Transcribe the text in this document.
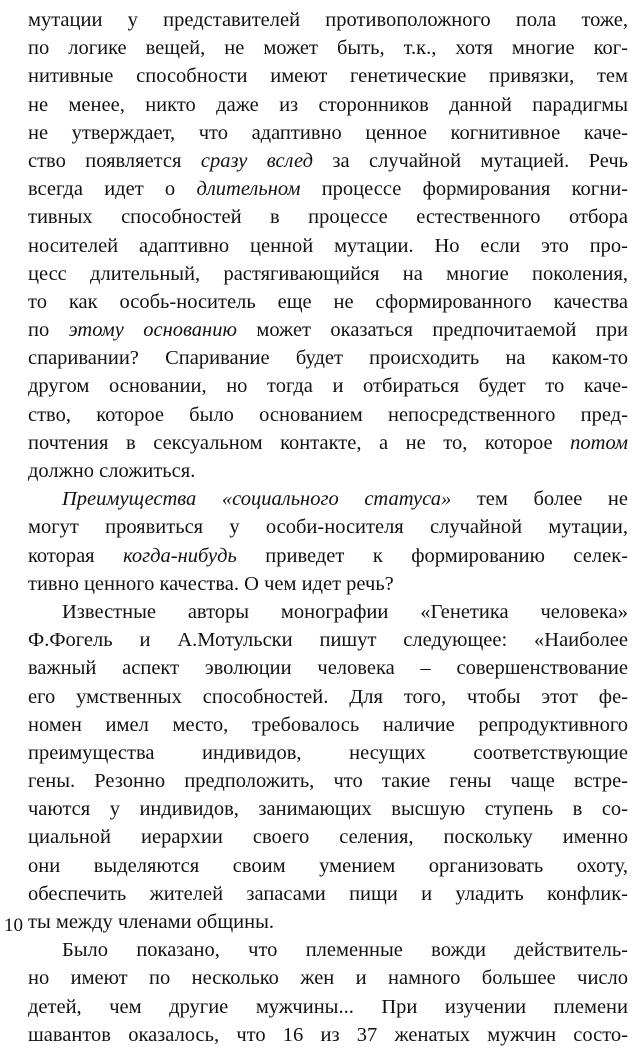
мутации у представителей противоположного пола тоже,
по логике вещей, не может быть, т.к., хотя многие ког-
нитивные способности имеют генетические привязки, тем
не менее, никто даже из сторонников данной парадигмы
не утверждает, что адаптивно ценное когнитивное каче-
ство появляется сразу вслед за случайной мутацией. Речь
всегда идет о длительном процессе формирования когни-
тивных способностей в процессе естественного отбора
носителей адаптивно ценной мутации. Но если это про-
цесс длительный, растягивающийся на многие поколения,
то как особь-носитель еще не сформированного качества
по этому основанию может оказаться предпочитаемой при
спаривании? Спаривание будет происходить на каком-то
другом основании, но тогда и отбираться будет то каче-
ство, которое было основанием непосредственного пред-
почтения в сексуальном контакте, а не то, которое потом
должно сложиться.
Преимущества «социального статуса» тем более не
могут проявиться у особи-носителя случайной мутации,
которая когда-нибудь приведет к формированию селек-
тивно ценного качества. О чем идет речь?
Известные авторы монографии «Генетика человека»
Ф.Фогель и А.Мотульски пишут следующее: «Наиболее
важный аспект эволюции человека – совершенствование
его умственных способностей. Для того, чтобы этот фе-
номен имел место, требовалось наличие репродуктивного
преимущества индивидов, несущих соответствующие
гены. Резонно предположить, что такие гены чаще встре-
чаются у индивидов, занимающих высшую ступень в со-
циальной иерархии своего селения, поскольку именно
они выделяются своим умением организовать охоту,
обеспечить жителей запасами пищи и уладить конфлик-
ты между членами общины.
Было показано, что племенные вожди действитель-
но имеют по несколько жен и намного большее число
детей, чем другие мужчины... При изучении племени
шавантов оказалось, что 16 из 37 женатых мужчин состо-
10
